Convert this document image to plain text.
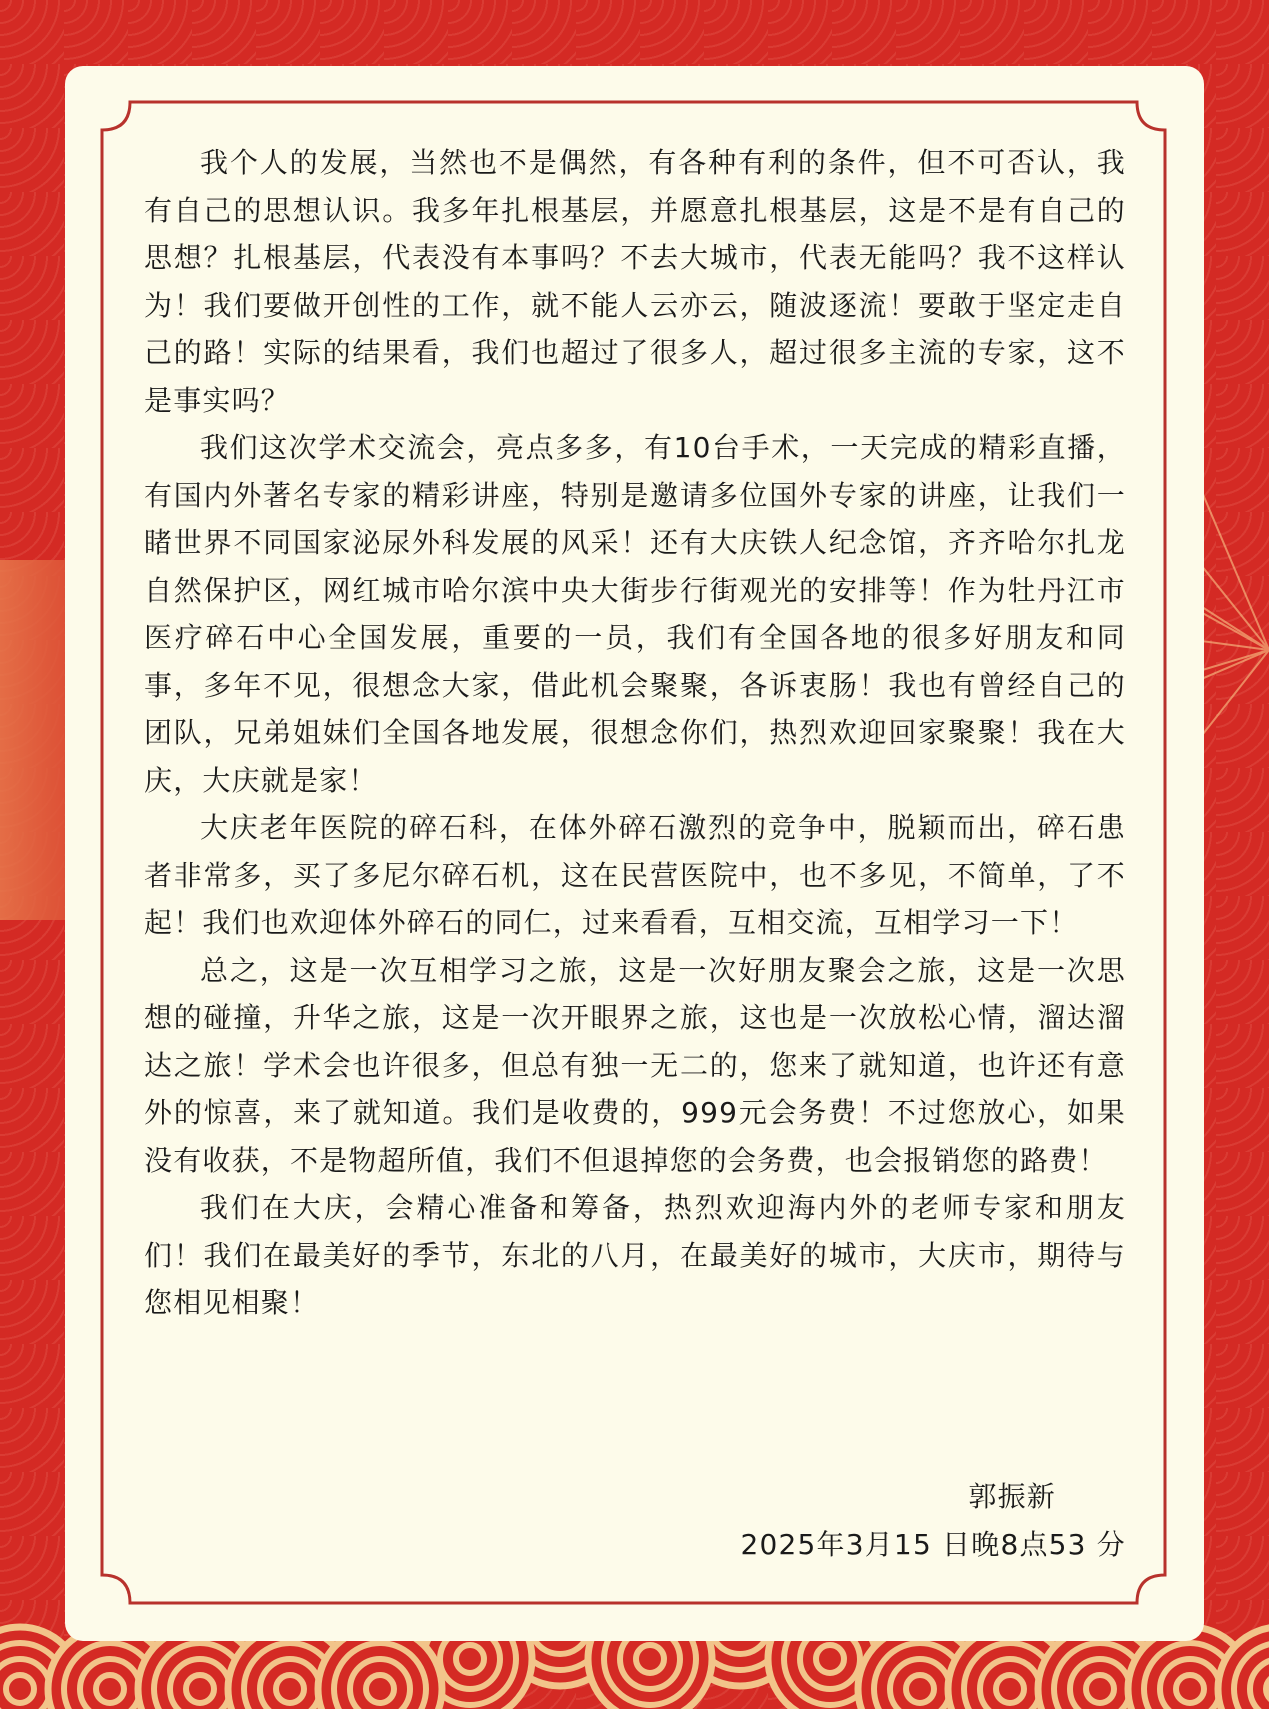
我个人的发展，当然也不是偶然，有各种有利的条件，但不可否认，我有自己的思想认识。我多年扎根基层，并愿意扎根基层，这是不是有自己的思想？扎根基层，代表没有本事吗？不去大城市，代表无能吗？我不这样认为！我们要做开创性的工作，就不能人云亦云，随波逐流！要敢于坚定走自己的路！实际的结果看，我们也超过了很多人，超过很多主流的专家，这不是事实吗？

我们这次学术交流会，亮点多多，有10台手术，一天完成的精彩直播，有国内外著名专家的精彩讲座，特别是邀请多位国外专家的讲座，让我们一睹世界不同国家泌尿外科发展的风采！还有大庆铁人纪念馆，齐齐哈尔扎龙自然保护区，网红城市哈尔滨中央大街步行街观光的安排等！作为牡丹江市医疗碎石中心全国发展，重要的一员，我们有全国各地的很多好朋友和同事，多年不见，很想念大家，借此机会聚聚，各诉衷肠！我也有曾经自己的团队，兄弟姐妹们全国各地发展，很想念你们，热烈欢迎回家聚聚！我在大庆，大庆就是家！

大庆老年医院的碎石科，在体外碎石激烈的竞争中，脱颖而出，碎石患者非常多，买了多尼尔碎石机，这在民营医院中，也不多见，不简单，了不起！我们也欢迎体外碎石的同仁，过来看看，互相交流，互相学习一下！

总之，这是一次互相学习之旅，这是一次好朋友聚会之旅，这是一次思想的碰撞，升华之旅，这是一次开眼界之旅，这也是一次放松心情，溜达溜达之旅！学术会也许很多，但总有独一无二的，您来了就知道，也许还有意外的惊喜，来了就知道。我们是收费的，999元会务费！不过您放心，如果没有收获，不是物超所值，我们不但退掉您的会务费，也会报销您的路费！

我们在大庆，会精心准备和筹备，热烈欢迎海内外的老师专家和朋友们！我们在最美好的季节，东北的八月，在最美好的城市，大庆市，期待与您相见相聚！

郭振新
2025年3月15 日晚8点53 分
